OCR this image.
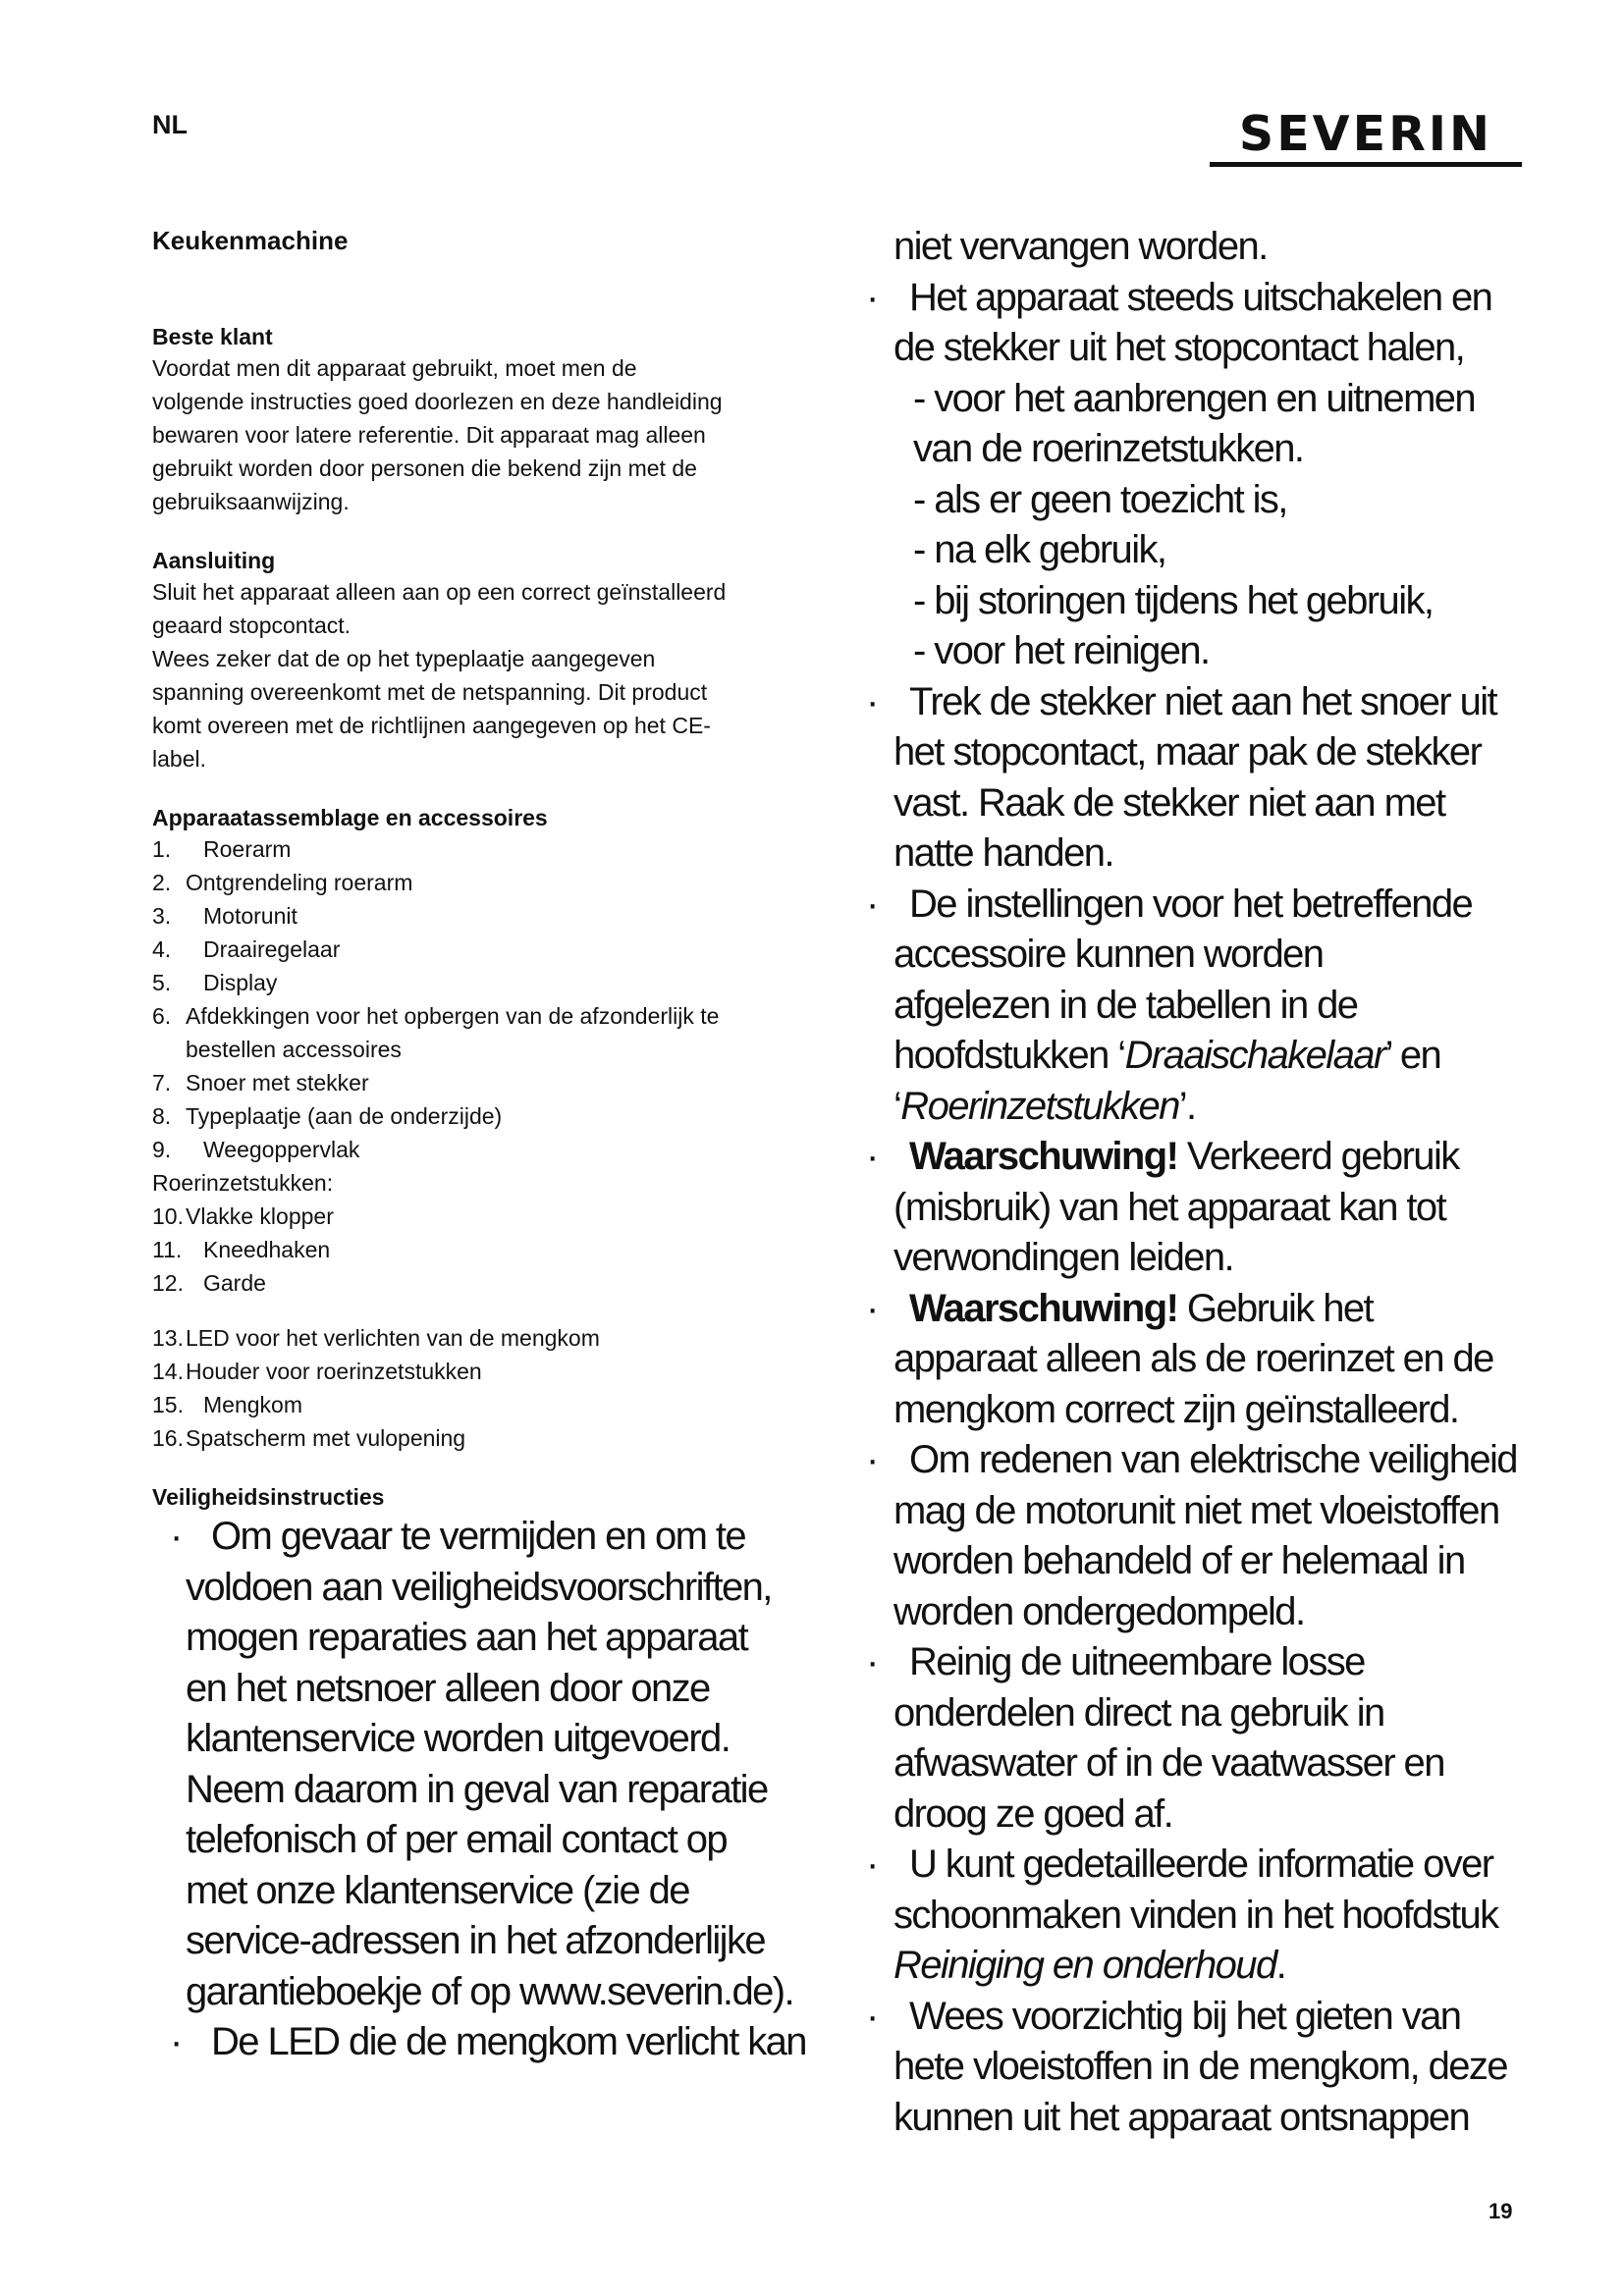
NL	SEVERIN

Keukenmachine

Beste klant

Voordat men dit apparaat gebruikt, moet men de

volgende instructies goed doorlezen en deze handleiding

bewaren voor latere referentie. Dit apparaat mag alleen

gebruikt worden door personen die bekend zijn met de

gebruiksaanwijzing.

Aansluiting

Sluit het apparaat alleen aan op een correct geïnstalleerd

geaard stopcontact.

Wees zeker dat de op het typeplaatje aangegeven

spanning overeenkomt met de netspanning. Dit product

komt overeen met de richtlijnen aangegeven op het CE-

label.

Apparaatassemblage en accessoires

1.	Roerarm
2. Ontgrendeling roerarm
3.	Motorunit
4.	Draairegelaar
5.	Display
6. Afdekkingen voor het opbergen van de afzonderlijk te
bestellen accessoires
7. Snoer met stekker
8. Typeplaatje (aan de onderzijde)
9.	Weegoppervlak

Roerinzetstukken:

10. Vlakke klopper
11. Kneedhaken
12. Garde
13. LED voor het verlichten van de mengkom
14. Houder voor roerinzetstukken
15. Mengkom
16. Spatscherm met vulopening

Veiligheidsinstructies

· Om gevaar te vermijden en om te
voldoen aan veiligheidsvoorschriften,
mogen reparaties aan het apparaat
en het netsnoer alleen door onze
klantenservice worden uitgevoerd.
Neem daarom in geval van reparatie
telefonisch of per email contact op
met onze klantenservice (zie de
service-adressen in het afzonderlijke
garantieboekje of op www.severin.de).

· De LED die de mengkom verlicht kan

niet vervangen worden.

· Het apparaat steeds uitschakelen en
de stekker uit het stopcontact halen,
- voor het aanbrengen en uitnemen
van de roerinzetstukken.
- als er geen toezicht is,
- na elk gebruik,
- bij storingen tijdens het gebruik,
- voor het reinigen.

· Trek de stekker niet aan het snoer uit
het stopcontact, maar pak de stekker
vast. Raak de stekker niet aan met
natte handen.

· De instellingen voor het betreffende
accessoire kunnen worden
afgelezen in de tabellen in de
hoofdstukken ‘Draaischakelaar’ en
‘Roerinzetstukken’.

· Waarschuwing! Verkeerd gebruik
(misbruik) van het apparaat kan tot
verwondingen leiden.

· Waarschuwing! Gebruik het
apparaat alleen als de roerinzet en de
mengkom correct zijn geïnstalleerd.

· Om redenen van elektrische veiligheid
mag de motorunit niet met vloeistoffen
worden behandeld of er helemaal in
worden ondergedompeld.

· Reinig de uitneembare losse
onderdelen direct na gebruik in
afwaswater of in de vaatwasser en
droog ze goed af.

· U kunt gedetailleerde informatie over
schoonmaken vinden in het hoofdstuk
Reiniging en onderhoud.

· Wees voorzichtig bij het gieten van
hete vloeistoffen in de mengkom, deze
kunnen uit het apparaat ontsnappen

19
